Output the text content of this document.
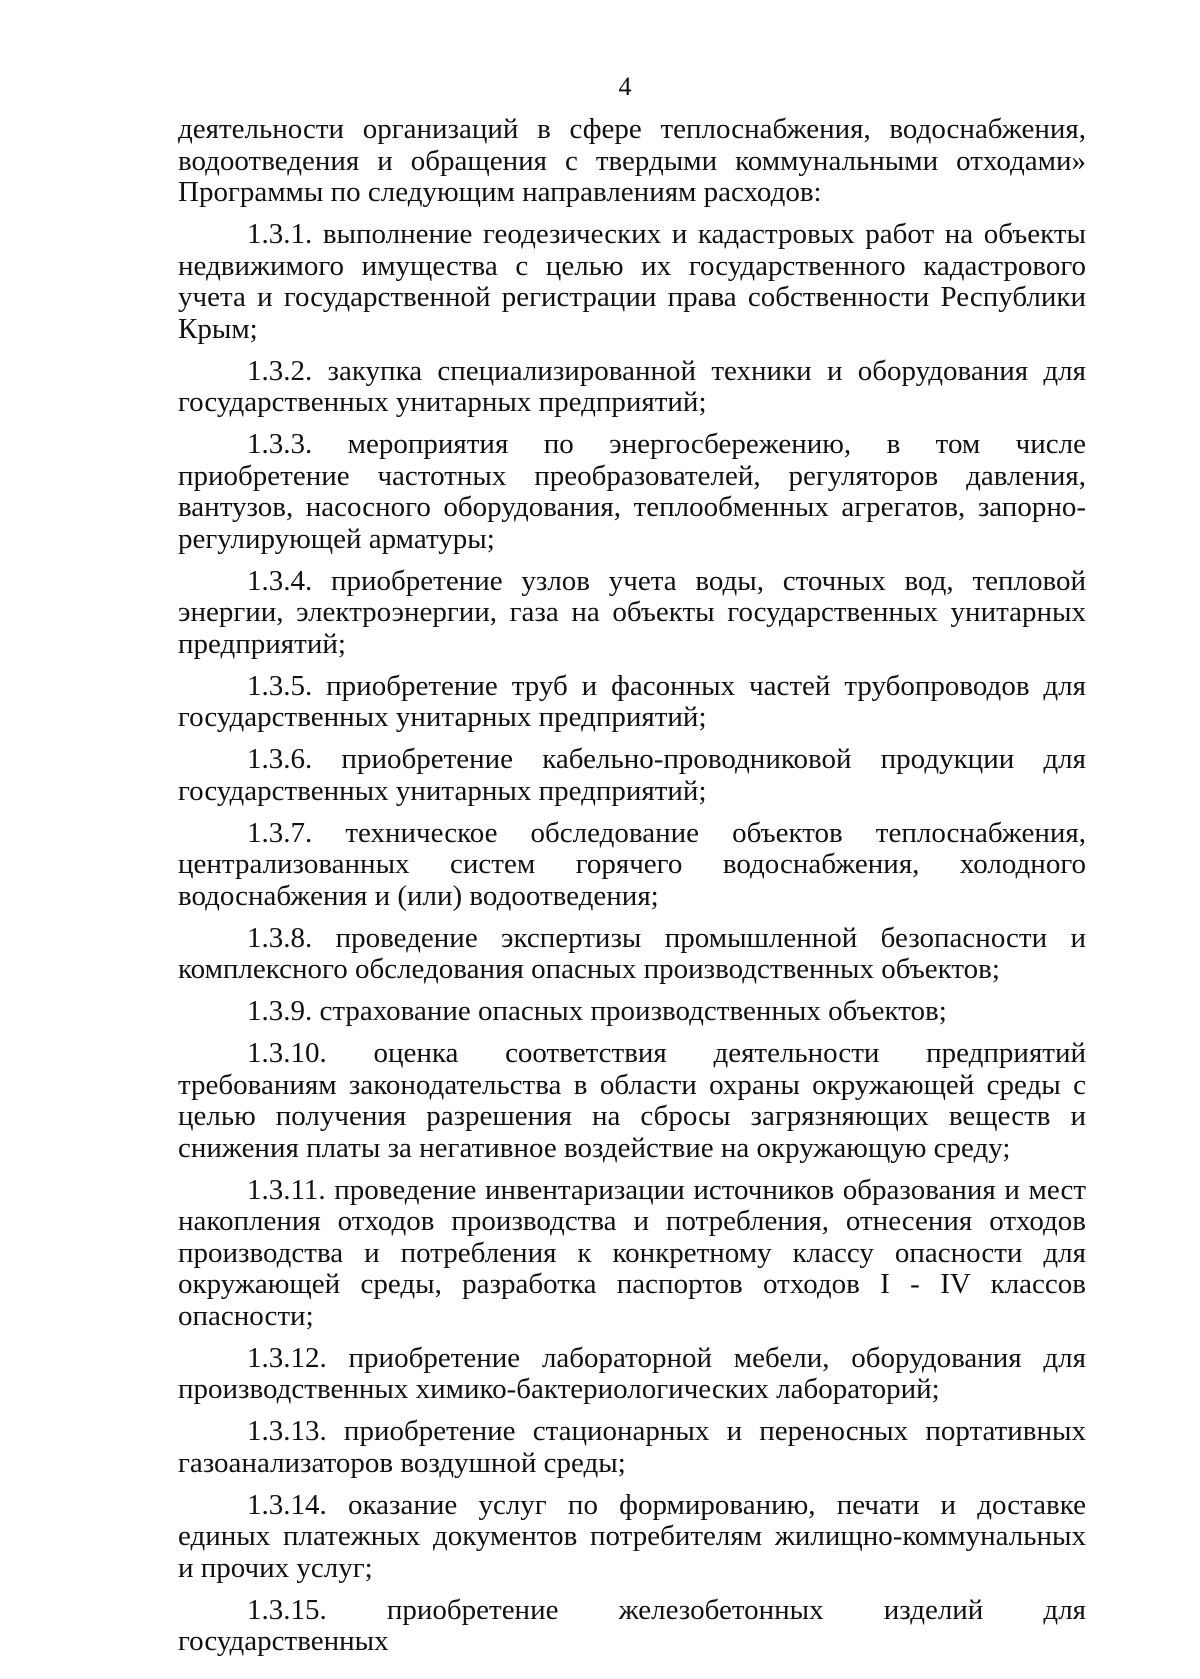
4

деятельности организаций в сфере теплоснабжения, водоснабжения, водоотведения и обращения с твердыми коммунальными отходами» Программы по следующим направлениям расходов:

1.3.1. выполнение геодезических и кадастровых работ на объекты недвижимого имущества с целью их государственного кадастрового учета и государственной регистрации права собственности Республики Крым;

1.3.2. закупка специализированной техники и оборудования для государственных унитарных предприятий;

1.3.3. мероприятия по энергосбережению, в том числе приобретение частотных преобразователей, регуляторов давления, вантузов, насосного оборудования, теплообменных агрегатов, запорно-регулирующей арматуры;

1.3.4. приобретение узлов учета воды, сточных вод, тепловой энергии, электроэнергии, газа на объекты государственных унитарных предприятий;

1.3.5. приобретение труб и фасонных частей трубопроводов для государственных унитарных предприятий;

1.3.6. приобретение кабельно-проводниковой продукции для государственных унитарных предприятий;

1.3.7. техническое обследование объектов теплоснабжения, централизованных систем горячего водоснабжения, холодного водоснабжения и (или) водоотведения;

1.3.8. проведение экспертизы промышленной безопасности и комплексного обследования опасных производственных объектов;

1.3.9. страхование опасных производственных объектов;

1.3.10. оценка соответствия деятельности предприятий требованиям законодательства в области охраны окружающей среды с целью получения разрешения на сбросы загрязняющих веществ и снижения платы за негативное воздействие на окружающую среду;

1.3.11. проведение инвентаризации источников образования и мест накопления отходов производства и потребления, отнесения отходов производства и потребления к конкретному классу опасности для окружающей среды, разработка паспортов отходов I - IV классов опасности;

1.3.12. приобретение лабораторной мебели, оборудования для производственных химико-бактериологических лабораторий;

1.3.13. приобретение стационарных и переносных портативных газоанализаторов воздушной среды;

1.3.14. оказание услуг по формированию, печати и доставке единых платежных документов потребителям жилищно-коммунальных и прочих услуг;

1.3.15. приобретение железобетонных изделий для государственных
